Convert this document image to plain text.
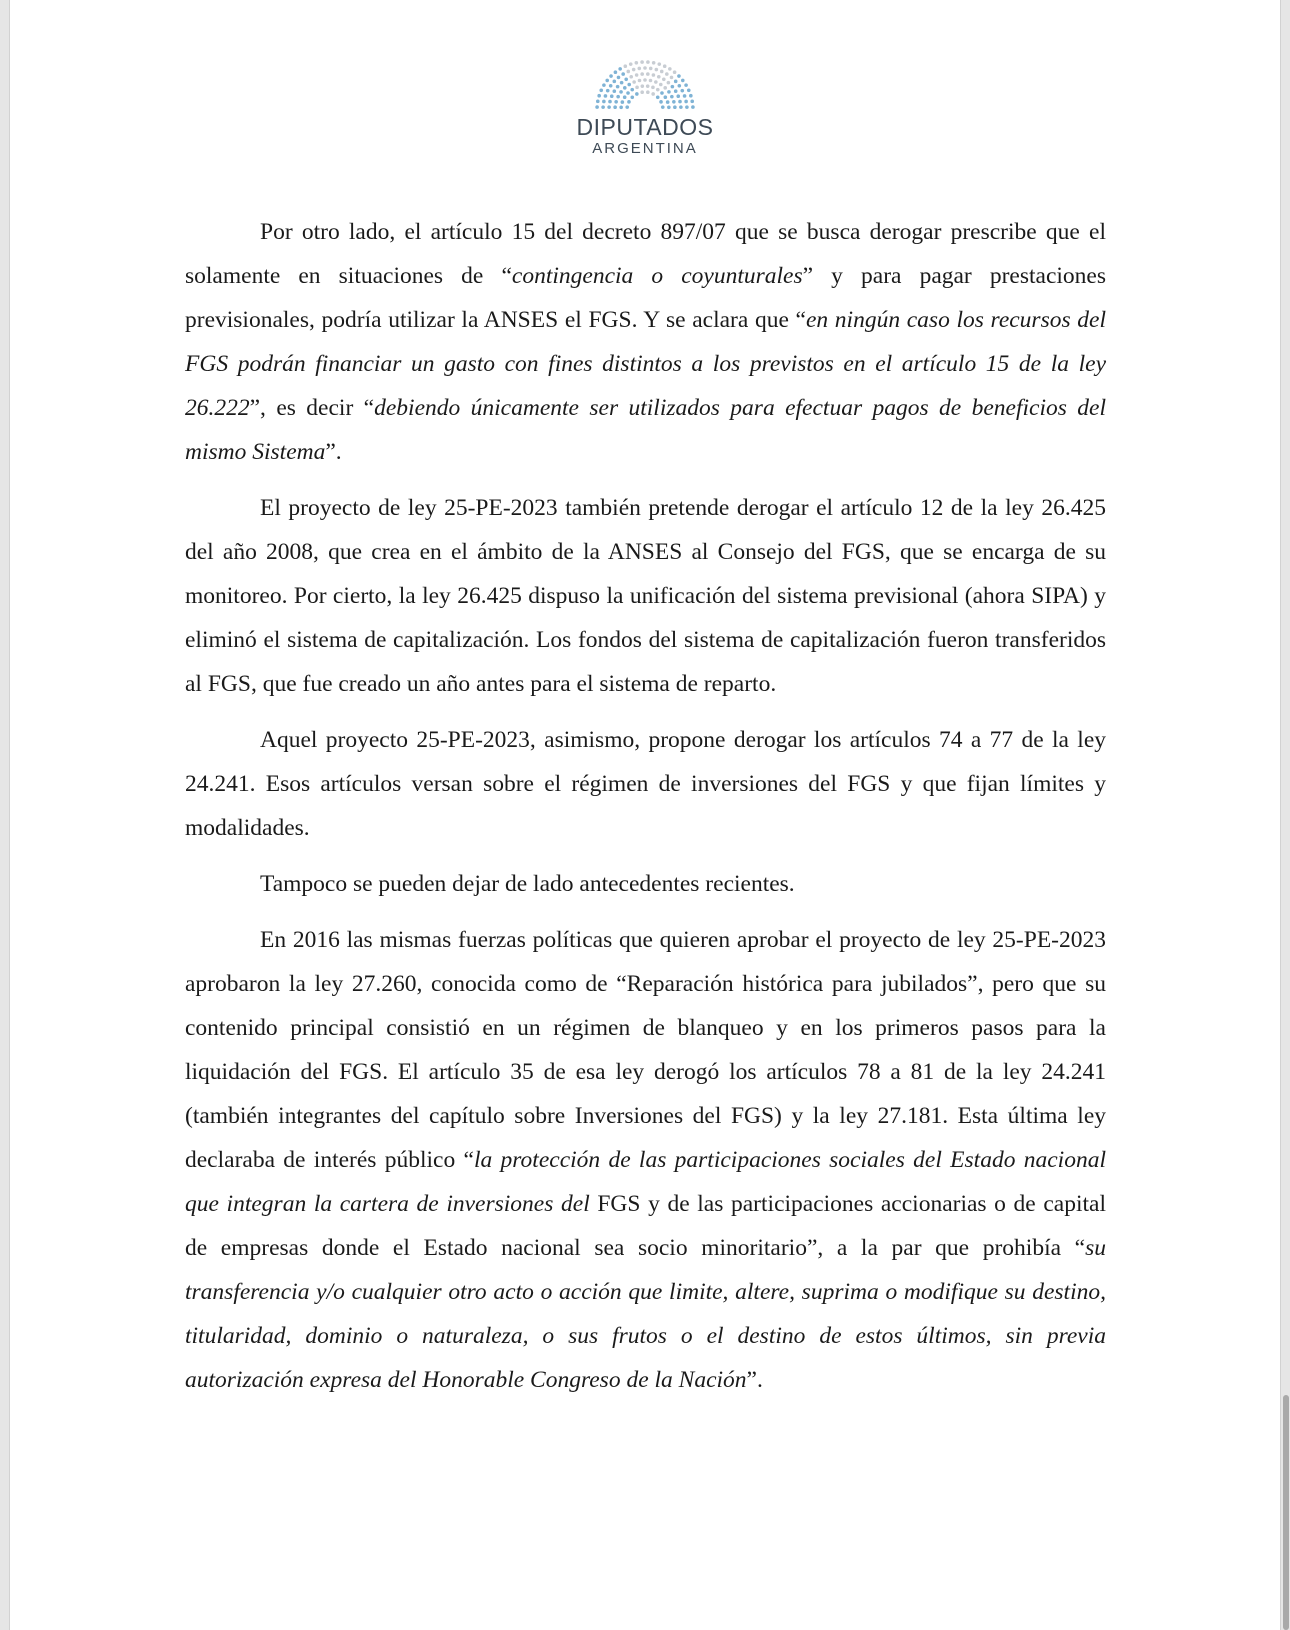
DIPUTADOS
ARGENTINA

Por otro lado, el artículo 15 del decreto 897/07 que se busca derogar prescribe que el solamente en situaciones de “contingencia o coyunturales” y para pagar prestaciones previsionales, podría utilizar la ANSES el FGS. Y se aclara que “en ningún caso los recursos del FGS podrán financiar un gasto con fines distintos a los previstos en el artículo 15 de la ley 26.222”, es decir “debiendo únicamente ser utilizados para efectuar pagos de beneficios del mismo Sistema”.

El proyecto de ley 25-PE-2023 también pretende derogar el artículo 12 de la ley 26.425 del año 2008, que crea en el ámbito de la ANSES al Consejo del FGS, que se encarga de su monitoreo. Por cierto, la ley 26.425 dispuso la unificación del sistema previsional (ahora SIPA) y eliminó el sistema de capitalización. Los fondos del sistema de capitalización fueron transferidos al FGS, que fue creado un año antes para el sistema de reparto.

Aquel proyecto 25-PE-2023, asimismo, propone derogar los artículos 74 a 77 de la ley 24.241. Esos artículos versan sobre el régimen de inversiones del FGS y que fijan límites y modalidades.

Tampoco se pueden dejar de lado antecedentes recientes.

En 2016 las mismas fuerzas políticas que quieren aprobar el proyecto de ley 25-PE-2023 aprobaron la ley 27.260, conocida como de “Reparación histórica para jubilados”, pero que su contenido principal consistió en un régimen de blanqueo y en los primeros pasos para la liquidación del FGS. El artículo 35 de esa ley derogó los artículos 78 a 81 de la ley 24.241 (también integrantes del capítulo sobre Inversiones del FGS) y la ley 27.181. Esta última ley declaraba de interés público “la protección de las participaciones sociales del Estado nacional que integran la cartera de inversiones del FGS y de las participaciones accionarias o de capital de empresas donde el Estado nacional sea socio minoritario”, a la par que prohibía “su transferencia y/o cualquier otro acto o acción que limite, altere, suprima o modifique su destino, titularidad, dominio o naturaleza, o sus frutos o el destino de estos últimos, sin previa autorización expresa del Honorable Congreso de la Nación”.
